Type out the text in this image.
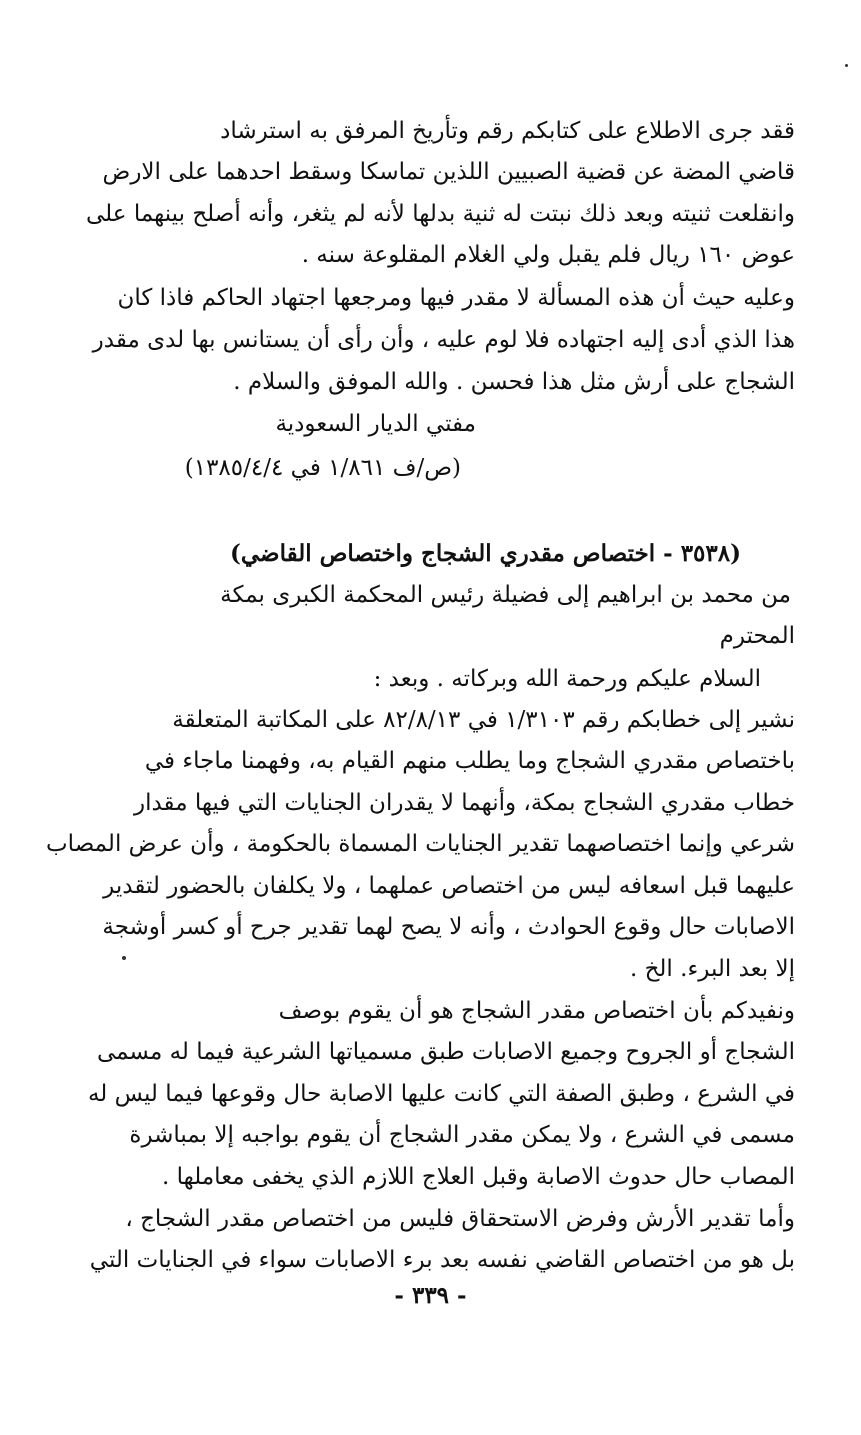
ققد جرى الاطلاع على كتابكم رقم وتأريخ المرفق به استرشاد
قاضي المضة عن قضية الصبيين اللذين تماسكا وسقط احدهما على الارض
وانقلعت ثنيته وبعد ذلك نبتت له ثنية بدلها لأنه لم يثغر، وأنه أصلح بينهما على
عوض ١٦٠ ريال فلم يقبل ولي الغلام المقلوعة سنه .
وعليه حيث أن هذه المسألة لا مقدر فيها ومرجعها اجتهاد الحاكم فاذا كان
هذا الذي أدى إليه اجتهاده فلا لوم عليه ، وأن رأى أن يستانس بها لدى مقدر
الشجاج على أرش مثل هذا فحسن . والله الموفق والسلام .
مفتي الديار السعودية
(ص/ف ١/٨٦١ في ١٣٨٥/٤/٤)
(٣٥٣٨ - اختصاص مقدري الشجاج واختصاص القاضي)
من محمد بن ابراهيم إلى فضيلة رئيس المحكمة الكبرى بمكة
المحترم
السلام عليكم ورحمة الله وبركاته . وبعد :
نشير إلى خطابكم رقم ١/٣١٠٣ في ٨٢/٨/١٣ على المكاتبة المتعلقة
باختصاص مقدري الشجاج وما يطلب منهم القيام به، وفهمنا ماجاء في
خطاب مقدري الشجاج بمكة، وأنهما لا يقدران الجنايات التي فيها مقدار
شرعي وإنما اختصاصهما تقدير الجنايات المسماة بالحكومة ، وأن عرض المصاب
عليهما قبل اسعافه ليس من اختصاص عملهما ، ولا يكلفان بالحضور لتقدير
الاصابات حال وقوع الحوادث ، وأنه لا يصح لهما تقدير جرح أو كسر أوشجة
إلا بعد البرء. الخ .
ونفيدكم بأن اختصاص مقدر الشجاج هو أن يقوم بوصف
الشجاج أو الجروح وجميع الاصابات طبق مسمياتها الشرعية فيما له مسمى
في الشرع ، وطبق الصفة التي كانت عليها الاصابة حال وقوعها فيما ليس له
مسمى في الشرع ، ولا يمكن مقدر الشجاج أن يقوم بواجبه إلا بمباشرة
المصاب حال حدوث الاصابة وقبل العلاج اللازم الذي يخفى معاملها .
وأما تقدير الأرش وفرض الاستحقاق فليس من اختصاص مقدر الشجاج ،
بل هو من اختصاص القاضي نفسه بعد برء الاصابات سواء في الجنايات التي
- ٣٣٩ -
